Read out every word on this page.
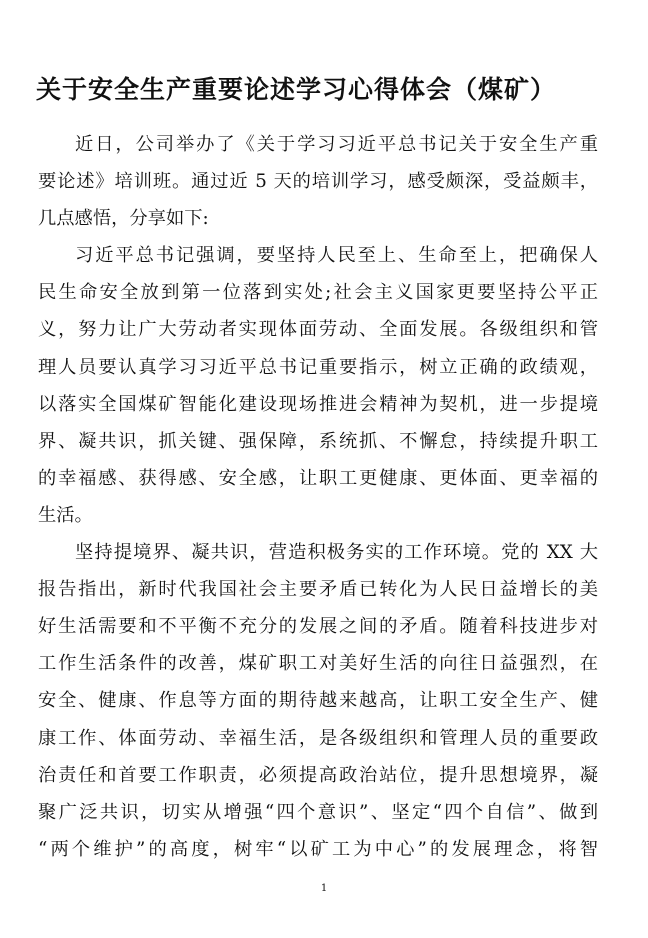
关于安全生产重要论述学习心得体会（煤矿）
近日，公司举办了《关于学习习近平总书记关于安全生产重
要论述》培训班。通过近 5 天的培训学习，感受颇深，受益颇丰，
几点感悟，分享如下:
习近平总书记强调，要坚持人民至上、生命至上，把确保人
民生命安全放到第一位落到实处;社会主义国家更要坚持公平正
义，努力让广大劳动者实现体面劳动、全面发展。各级组织和管
理人员要认真学习习近平总书记重要指示，树立正确的政绩观，
以落实全国煤矿智能化建设现场推进会精神为契机，进一步提境
界、凝共识，抓关键、强保障，系统抓、不懈怠，持续提升职工
的幸福感、获得感、安全感，让职工更健康、更体面、更幸福的
生活。
坚持提境界、凝共识，营造积极务实的工作环境。党的 XX 大
报告指出，新时代我国社会主要矛盾已转化为人民日益增长的美
好生活需要和不平衡不充分的发展之间的矛盾。随着科技进步对
工作生活条件的改善，煤矿职工对美好生活的向往日益强烈，在
安全、健康、作息等方面的期待越来越高，让职工安全生产、健
康工作、体面劳动、幸福生活，是各级组织和管理人员的重要政
治责任和首要工作职责，必须提高政治站位，提升思想境界，凝
聚广泛共识，切实从增强“四个意识”、坚定“四个自信”、做到
“两个维护”的高度，树牢“以矿工为中心”的发展理念，将智
1
